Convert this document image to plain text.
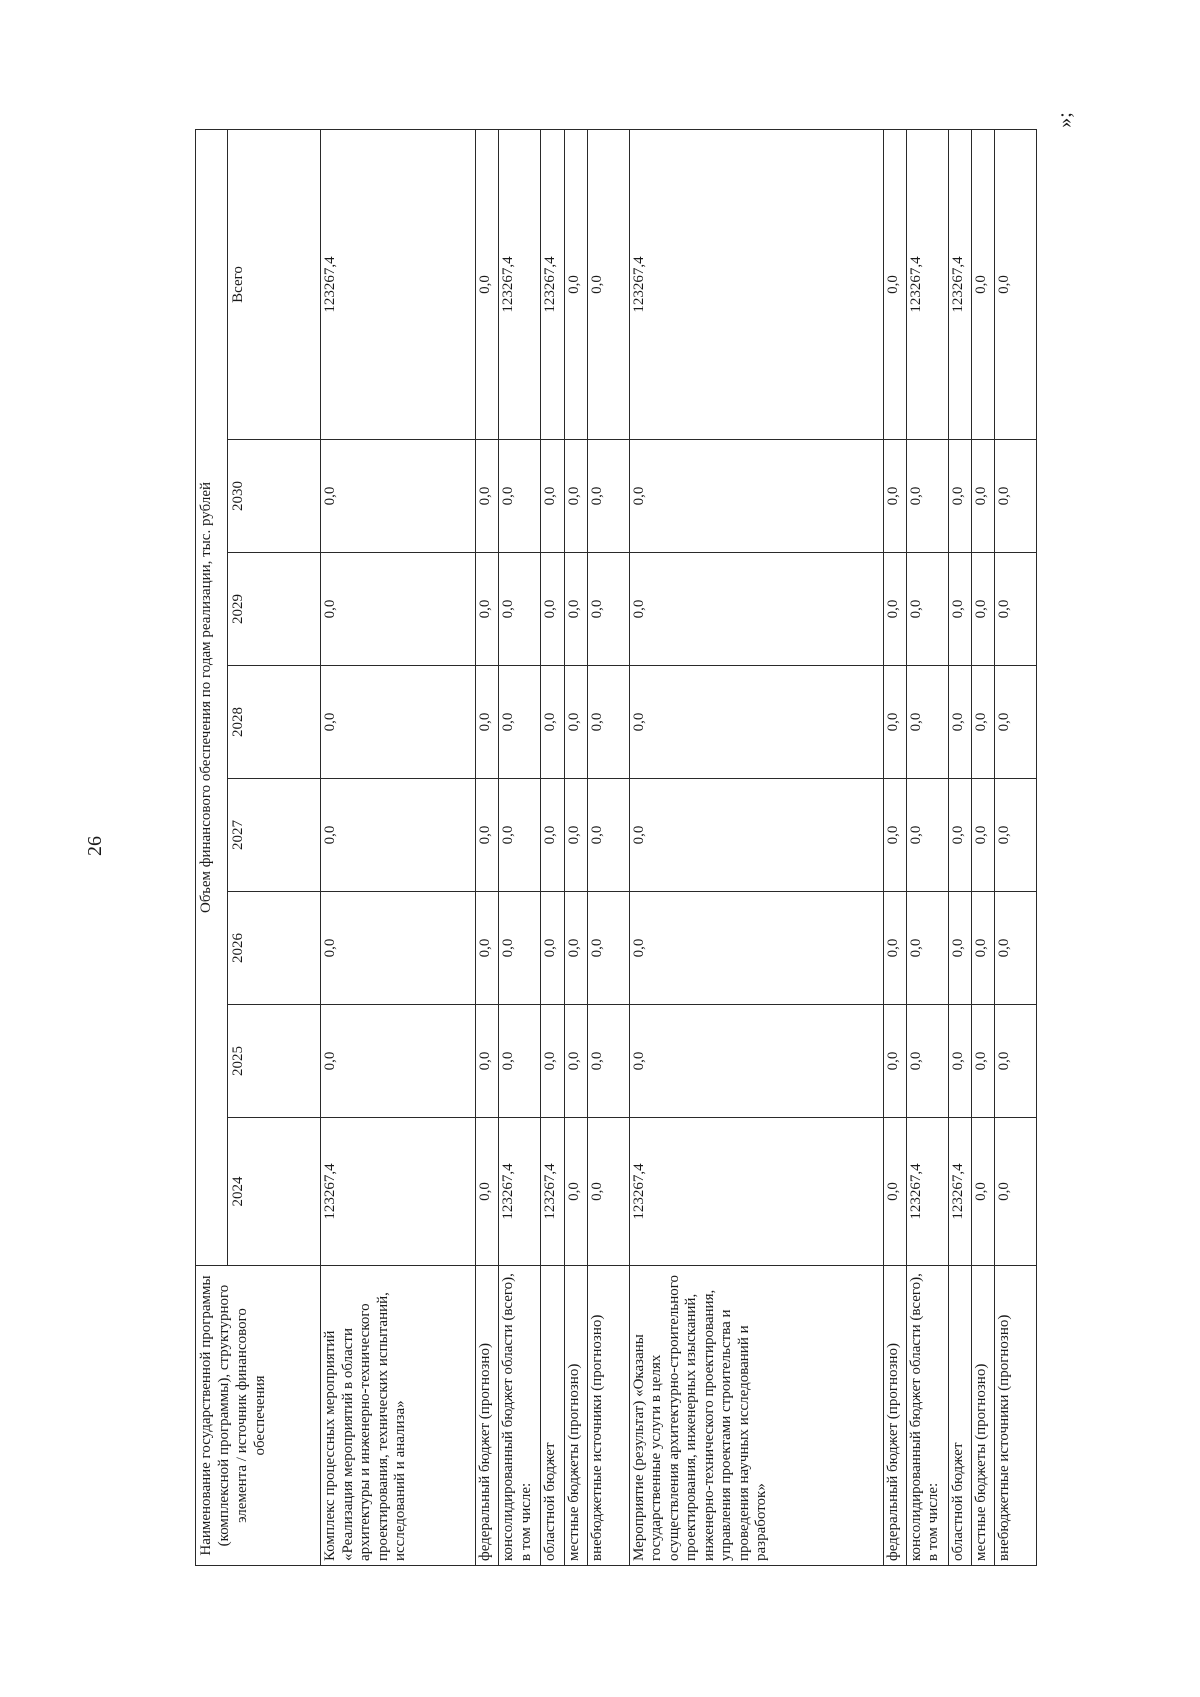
26
»;
Наименование государственной программы (комплексной программы), структурного элемента / источник финансового обеспечения	Объем финансового обеспечения по годам реализации, тыс. рублей							
	2024	2025	2026	2027	2028	2029	2030	Всего
Комплекс процессных мероприятий «Реализация мероприятий в области архитектуры и инженерно-технического проектирования, технических испытаний, исследований и анализа»	123267,4	0,0	0,0	0,0	0,0	0,0	0,0	123267,4
федеральный бюджет (прогнозно)	0,0	0,0	0,0	0,0	0,0	0,0	0,0	0,0
консолидированный бюджет области (всего), в том числе:	123267,4	0,0	0,0	0,0	0,0	0,0	0,0	123267,4
областной бюджет	123267,4	0,0	0,0	0,0	0,0	0,0	0,0	123267,4
местные бюджеты (прогнозно)	0,0	0,0	0,0	0,0	0,0	0,0	0,0	0,0
внебюджетные источники (прогнозно)	0,0	0,0	0,0	0,0	0,0	0,0	0,0	0,0
Мероприятие (результат) «Оказаны государственные услуги в целях осуществления архитектурно-строительного проектирования, инженерных изысканий, инженерно-технического проектирования, управления проектами строительства и проведения научных исследований и разработок»	123267,4	0,0	0,0	0,0	0,0	0,0	0,0	123267,4
федеральный бюджет (прогнозно)	0,0	0,0	0,0	0,0	0,0	0,0	0,0	0,0
консолидированный бюджет области (всего), в том числе:	123267,4	0,0	0,0	0,0	0,0	0,0	0,0	123267,4
областной бюджет	123267,4	0,0	0,0	0,0	0,0	0,0	0,0	123267,4
местные бюджеты (прогнозно)	0,0	0,0	0,0	0,0	0,0	0,0	0,0	0,0
внебюджетные источники (прогнозно)	0,0	0,0	0,0	0,0	0,0	0,0	0,0	0,0
